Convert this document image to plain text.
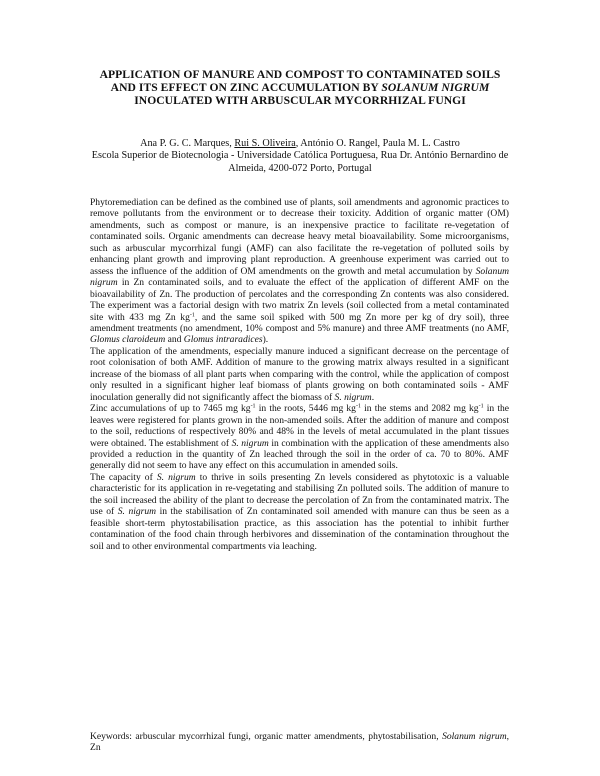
APPLICATION OF MANURE AND COMPOST TO CONTAMINATED SOILS AND ITS EFFECT ON ZINC ACCUMULATION BY SOLANUM NIGRUM INOCULATED WITH ARBUSCULAR MYCORRHIZAL FUNGI
Ana P. G. C. Marques, Rui S. Oliveira, António O. Rangel, Paula M. L. Castro
Escola Superior de Biotecnologia - Universidade Católica Portuguesa, Rua Dr. António Bernardino de Almeida, 4200-072 Porto, Portugal

Phytoremediation can be defined as the combined use of plants, soil amendments and agronomic practices to remove pollutants from the environment or to decrease their toxicity. Addition of organic matter (OM) amendments, such as compost or manure, is an inexpensive practice to facilitate re-vegetation of contaminated soils. Organic amendments can decrease heavy metal bioavailability. Some microorganisms, such as arbuscular mycorrhizal fungi (AMF) can also facilitate the re-vegetation of polluted soils by enhancing plant growth and improving plant reproduction. A greenhouse experiment was carried out to assess the influence of the addition of OM amendments on the growth and metal accumulation by Solanum nigrum in Zn contaminated soils, and to evaluate the effect of the application of different AMF on the bioavailability of Zn. The production of percolates and the corresponding Zn contents was also considered. The experiment was a factorial design with two matrix Zn levels (soil collected from a metal contaminated site with 433 mg Zn $kg^{-1}$, and the same soil spiked with 500 mg Zn more per kg of dry soil), three amendment treatments (no amendment, 10% compost and 5% manure) and three AMF treatments (no AMF, Glomus claroideum and Glomus intraradices).

The application of the amendments, especially manure induced a significant decrease on the percentage of root colonisation of both AMF. Addition of manure to the growing matrix always resulted in a significant increase of the biomass of all plant parts when comparing with the control, while the application of compost only resulted in a significant higher leaf biomass of plants growing on both contaminated soils - AMF inoculation generally did not significantly affect the biomass of S. nigrum.

Zinc accumulations of up to 7465 mg $kg^{-1}$ in the roots, 5446 mg $kg^{-1}$ in the stems and 2082 mg $kg^{-1}$ in the leaves were registered for plants grown in the non-amended soils. After the addition of manure and compost to the soil, reductions of respectively 80% and 48% in the levels of metal accumulated in the plant tissues were obtained. The establishment of S. nigrum in combination with the application of these amendments also provided a reduction in the quantity of Zn leached through the soil in the order of ca. 70 to 80%. AMF generally did not seem to have any effect on this accumulation in amended soils.

The capacity of S. nigrum to thrive in soils presenting Zn levels considered as phytotoxic is a valuable characteristic for its application in re-vegetating and stabilising Zn polluted soils. The addition of manure to the soil increased the ability of the plant to decrease the percolation of Zn from the contaminated matrix. The use of S. nigrum in the stabilisation of Zn contaminated soil amended with manure can thus be seen as a feasible short-term phytostabilisation practice, as this association has the potential to inhibit further contamination of the food chain through herbivores and dissemination of the contamination throughout the soil and to other environmental compartments via leaching.

Keywords: arbuscular mycorrhizal fungi, organic matter amendments, phytostabilisation, Solanum nigrum, Zn
